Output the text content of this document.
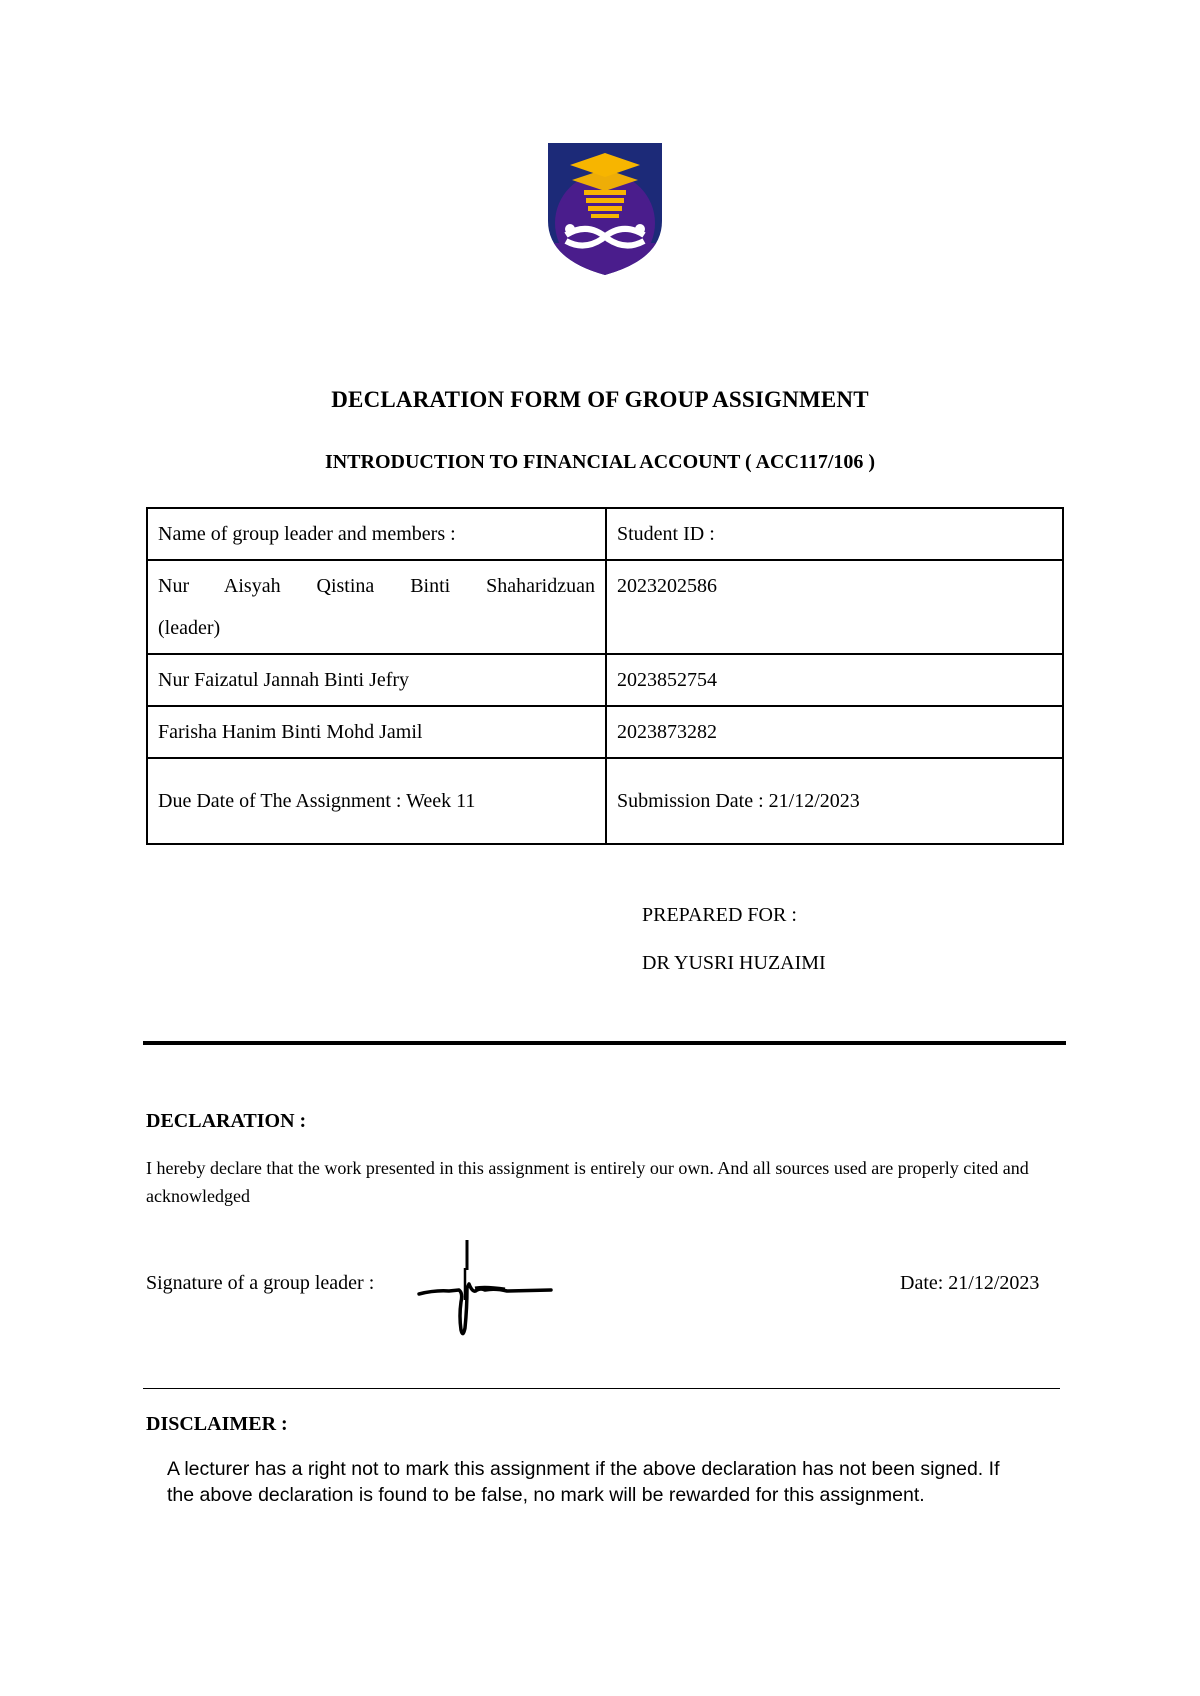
DECLARATION FORM OF GROUP ASSIGNMENT
INTRODUCTION TO FINANCIAL ACCOUNT ( ACC117/106 )
Name of group leader and members :	Student ID :

Nur Aisyah Qistina Binti Shaharidzuan
(leader)	2023202586
Nur Faizatul Jannah Binti Jefry	2023852754
Farisha Hanim Binti Mohd Jamil	2023873282
Due Date of The Assignment : Week 11	Submission Date : 21/12/2023
PREPARED FOR :
DR YUSRI HUZAIMI
DECLARATION :
I hereby declare that the work presented in this assignment is entirely our own. And all sources used are properly cited and acknowledged
Signature of a group leader :	Date: 21/12/2023
DISCLAIMER :
A lecturer has a right not to mark this assignment if the above declaration has not been signed. If the above declaration is found to be false, no mark will be rewarded for this assignment.
